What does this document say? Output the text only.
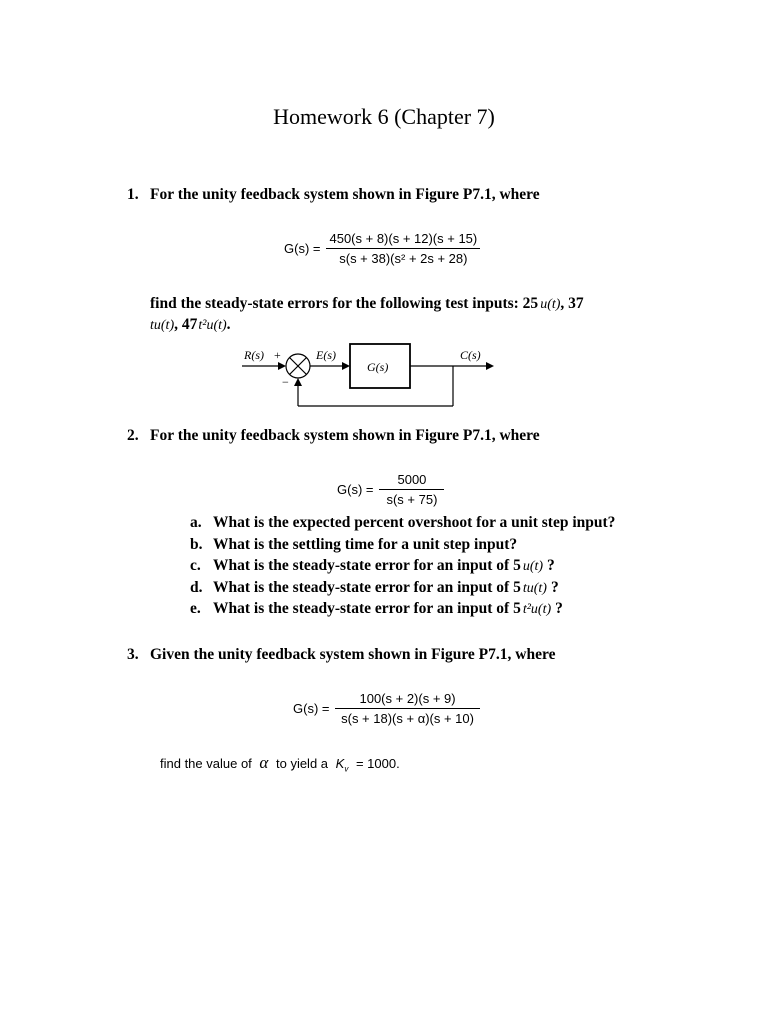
Homework 6 (Chapter 7)
1. For the unity feedback system shown in Figure P7.1, where
$G(s) = \frac{450(s + 8)(s + 12)(s + 15)}{\text{s(s + 38)(s² + 2s + 28)}}$
find the steady-state errors for the following test inputs: 25 u(t), 37
tu(t), 47t²u(t).
R(s) +
−
E(s)
G(s)
C(s)
2. For the unity feedback system shown in Figure P7.1, where
$G(s) = \frac{5000}{s(s + 75)}$
a. What is the expected percent overshoot for a unit step input?
b. What is the settling time for a unit step input?
c. What is the steady-state error for an input of 5 u(t) ?
d. What is the steady-state error for an input of 5 tu(t) ?
e. What is the steady-state error for an input of 5 t²u(t) ?
3. Given the unity feedback system shown in Figure P7.1, where
$G(s) = \frac{100(s + 2)(s + 9)}{s(s + 18)(s + \alpha)(s + 10)}$
find the value of α to yield a $K_v = 1000$.
